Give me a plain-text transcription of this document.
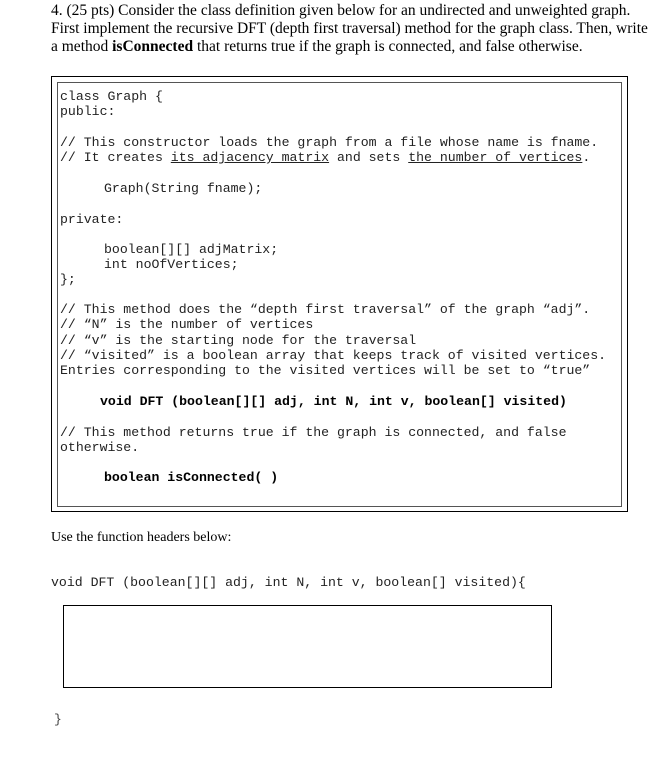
4. (25 pts) Consider the class definition given below for an undirected and unweighted graph.
First implement the recursive DFT (depth first traversal) method for the graph class. Then, write
a method isConnected that returns true if the graph is connected, and false otherwise.
class Graph {
public:
// This constructor loads the graph from a file whose name is fname.
// It creates its adjacency matrix and sets the number of vertices.
Graph(String fname);
private:
boolean[][] adjMatrix;
int noOfVertices;
};
// This method does the “depth first traversal” of the graph “adj”.
// “N” is the number of vertices
// “v” is the starting node for the traversal
// “visited” is a boolean array that keeps track of visited vertices.
Entries corresponding to the visited vertices will be set to “true”
void DFT (boolean[][] adj, int N, int v, boolean[] visited)
// This method returns true if the graph is connected, and false
otherwise.
boolean isConnected( )
Use the function headers below:
void DFT (boolean[][] adj, int N, int v, boolean[] visited){
}
